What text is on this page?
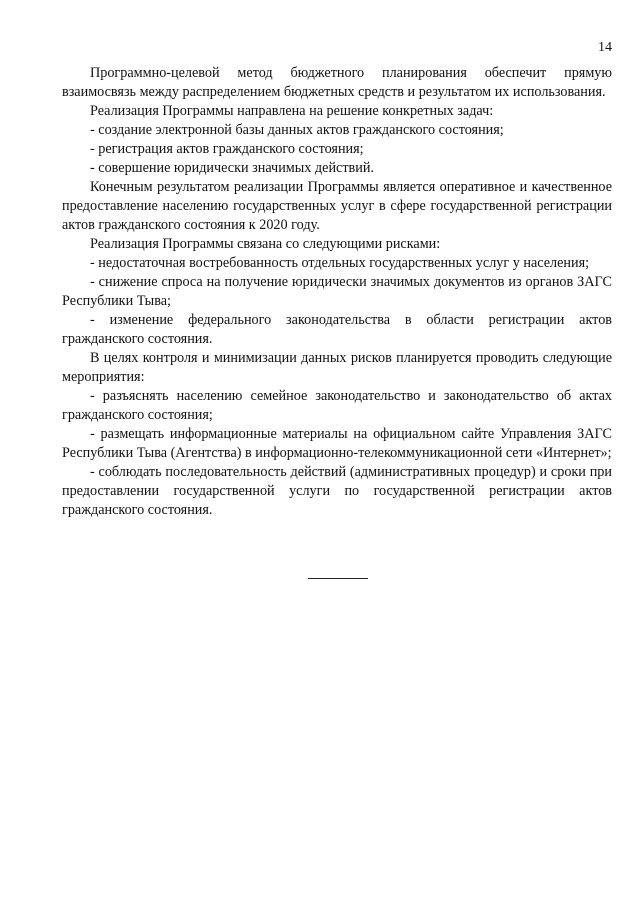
14

Программно-целевой метод бюджетного планирования обеспечит прямую взаимосвязь между распределением бюджетных средств и результатом их использования.

Реализация Программы направлена на решение конкретных задач:

- создание электронной базы данных актов гражданского состояния;

- регистрация актов гражданского состояния;

- совершение юридически значимых действий.

Конечным результатом реализации Программы является оперативное и качественное предоставление населению государственных услуг в сфере государственной регистрации актов гражданского состояния к 2020 году.

Реализация Программы связана со следующими рисками:

- недостаточная востребованность отдельных государственных услуг у населения;

- снижение спроса на получение юридически значимых документов из органов ЗАГС Республики Тыва;

- изменение федерального законодательства в области регистрации актов гражданского состояния.

В целях контроля и минимизации данных рисков планируется проводить следующие мероприятия:

- разъяснять населению семейное законодательство и законодательство об актах гражданского состояния;

- размещать информационные материалы на официальном сайте Управления ЗАГС Республики Тыва (Агентства) в информационно-телекоммуникационной сети «Интернет»;

- соблюдать последовательность действий (административных процедур) и сроки при предоставлении государственной услуги по государственной регистрации актов гражданского состояния.
